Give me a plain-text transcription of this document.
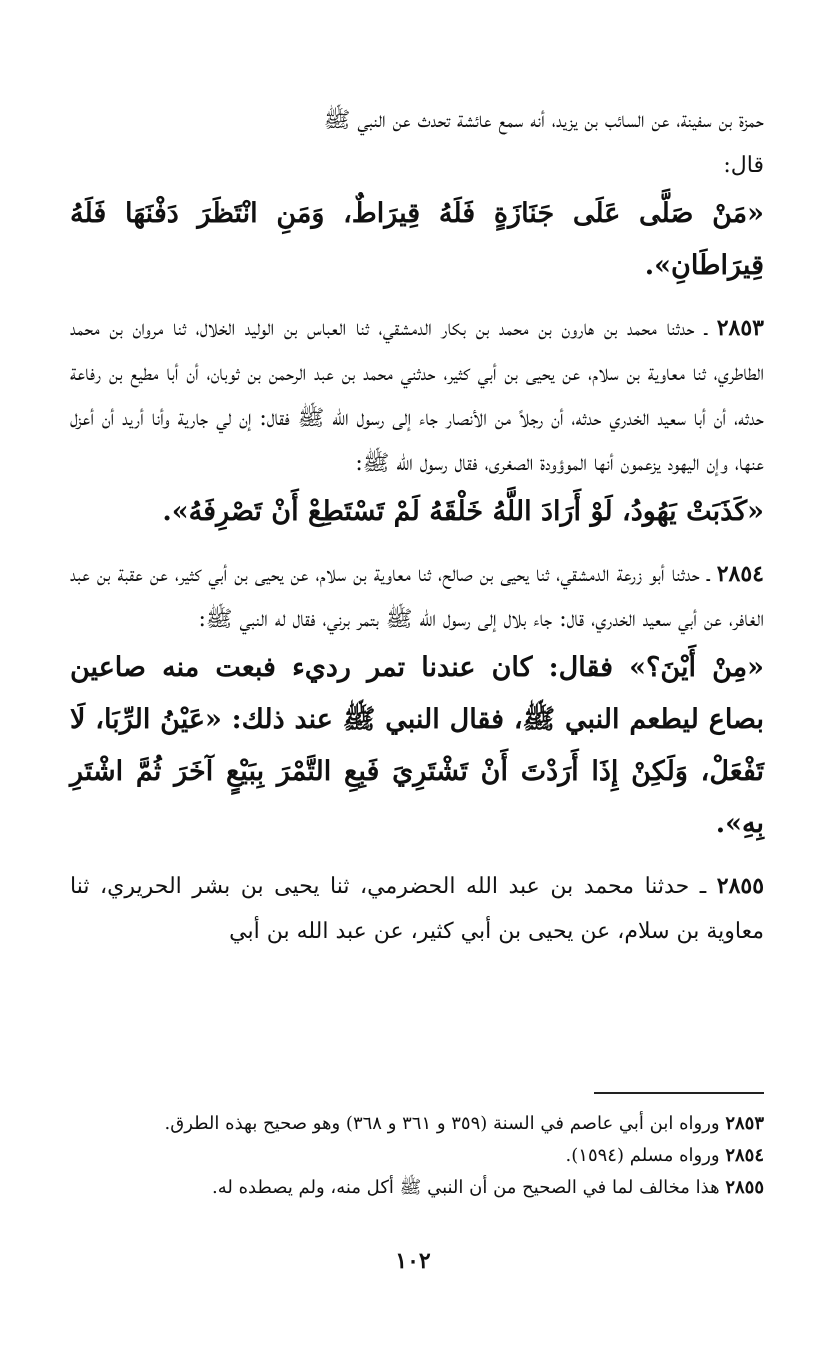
حمزة بن سفينة، عن السائب بن يزيد، أنه سمع عائشة تحدث عن النبي ﷺ
قال:

«مَنْ صَلَّى عَلَى جَنَازَةٍ فَلَهُ قِيرَاطٌ، وَمَنِ انْتَظَرَ دَفْنَهَا فَلَهُ قِيرَاطَانِ».

٢٨٥٣ ـ حدثنا محمد بن هارون بن محمد بن بكار الدمشقي، ثنا العباس بن الوليد الخلال، ثنا مروان بن محمد الطاطري، ثنا معاوية بن سلام، عن يحيى بن أبي كثير، حدثني محمد بن عبد الرحمن بن ثوبان، أن أبا مطيع بن رفاعة حدثه، أن أبا سعيد الخدري حدثه، أن رجلاً من الأنصار جاء إلى رسول الله ﷺ فقال: إن لي جارية وأنا أريد أن أعزل عنها، وإن اليهود يزعمون أنها الموؤودة الصغرى، فقال رسول الله ﷺ:

«كَذَبَتْ يَهُودُ، لَوْ أَرَادَ اللَّهُ خَلْقَهُ لَمْ تَسْتَطِعْ أَنْ تَصْرِفَهُ».

٢٨٥٤ ـ حدثنا أبو زرعة الدمشقي، ثنا يحيى بن صالح، ثنا معاوية بن سلام، عن يحيى بن أبي كثير، عن عقبة بن عبد الغافر، عن أبي سعيد الخدري، قال: جاء بلال إلى رسول الله ﷺ بتمر برني، فقال له النبي ﷺ:

«مِنْ أَيْنَ؟» فقال: كان عندنا تمر رديء فبعت منه صاعين بصاع ليطعم النبي ﷺ، فقال النبي ﷺ عند ذلك: «عَيْنُ الرِّبَا، لَا تَفْعَلْ، وَلَكِنْ إِذَا أَرَدْتَ أَنْ تَشْتَرِيَ فَبِعِ التَّمْرَ بِبَيْعٍ آخَرَ ثُمَّ اشْتَرِ بِهِ».

٢٨٥٥ ـ حدثنا محمد بن عبد الله الحضرمي، ثنا يحيى بن بشر الحريري، ثنا معاوية بن سلام، عن يحيى بن أبي كثير، عن عبد الله بن أبي

٢٨٥٣ ورواه ابن أبي عاصم في السنة (٣٥٩ و ٣٦١ و ٣٦٨) وهو صحيح بهذه الطرق.

٢٨٥٤ ورواه مسلم (١٥٩٤).

٢٨٥٥ هذا مخالف لما في الصحيح من أن النبي ﷺ أكل منه، ولم يصطده له.

١٠٢
